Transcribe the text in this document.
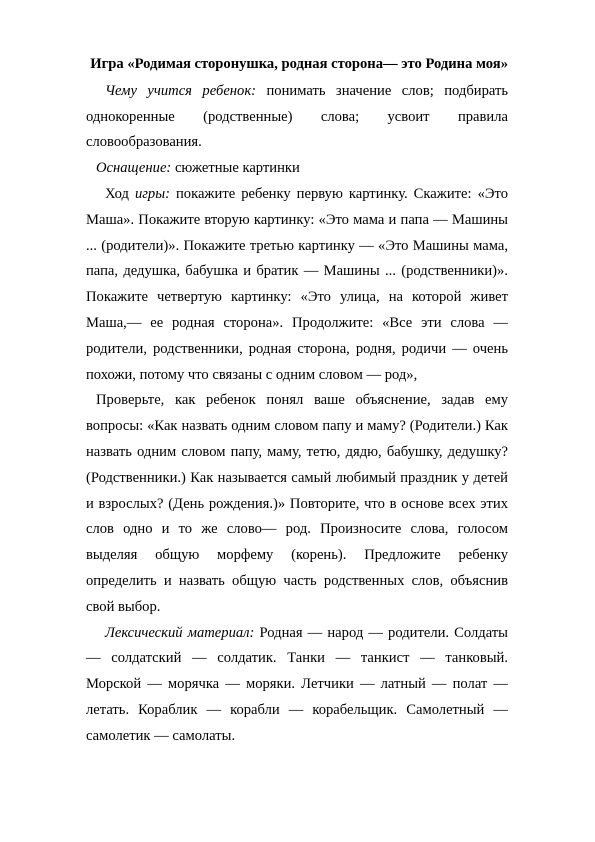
Игра «Родимая сторонушка, родная сторона— это Родина моя»

Чему учится ребенок: понимать значение слов; подбирать однокоренные (родственные) слова; усвоит правила словообразования.

Оснащение: сюжетные картинки

Ход игры: покажите ребенку первую картинку. Скажите: «Это Маша». Покажите вторую картинку: «Это мама и папа — Машины ... (родители)». Покажите третью картинку — «Это Машины мама, папа, дедушка, бабушка и братик — Машины ... (родственники)». Покажите четвертую картинку: «Это улица, на которой живет Маша,— ее родная сторона». Продолжите: «Все эти слова — родители, родственники, родная сторона, родня, родичи — очень похожи, потому что связаны с одним словом — род»,

Проверьте, как ребенок понял ваше объяснение, задав ему вопросы: «Как назвать одним словом папу и маму? (Родители.) Как назвать одним словом папу, маму, тетю, дядю, бабушку, дедушку? (Родственники.) Как называется самый любимый праздник у детей и взрослых? (День рождения.)» Повторите, что в основе всех этих слов одно и то же слово— род. Произносите слова, голосом выделяя общую морфему (корень). Предложите ребенку определить и назвать общую часть родственных слов, объяснив свой выбор.

Лексический материал: Родная — народ — родители. Солдаты — солдатский — солдатик. Танки — танкист — танковый. Морской — морячка — моряки. Летчики — латный — полат — летать. Кораблик — корабли — корабельщик. Самолетный — самолетик — самолаты.
